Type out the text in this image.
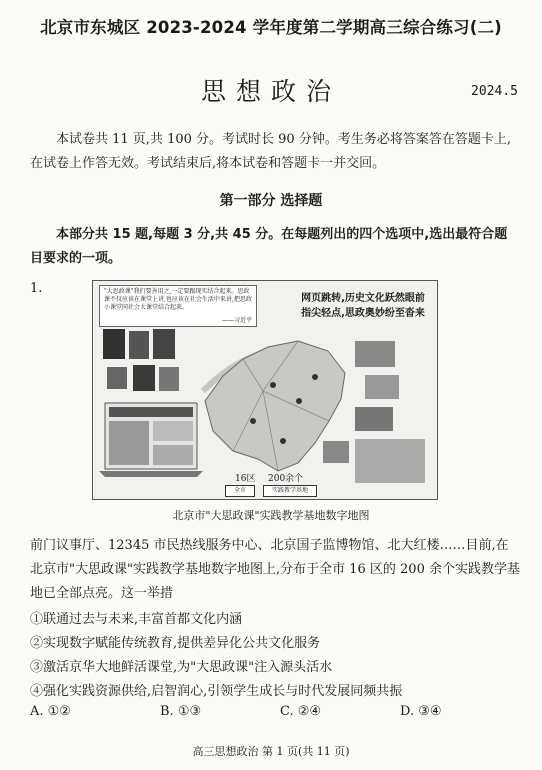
北京市东城区 2023-2024 学年度第二学期高三综合练习(二)
思想政治	2024.5
本试卷共 11 页,共 100 分。考试时长 90 分钟。考生务必将答案答在答题卡上,在试卷上作答无效。考试结束后,将本试卷和答题卡一并交回。
第一部分 选择题
本部分共 15 题,每题 3 分,共 45 分。在每题列出的四个选项中,选出最符合题目要求的一项。
1.	"大思政课"我们要善用之,一定要跟现实结合起来。思政课不仅应该在课堂上讲,也应该在社会生活中来讲,把思政小课堂同社会大课堂结合起来。
——习近平
网页跳转,历史文化跃然眼前
指尖轻点,思政奥妙纷至沓来
16区 200余个
全市	实践教学基地
北京市"大思政课"实践教学基地数字地图
前门议事厅、12345 市民热线服务中心、北京国子监博物馆、北大红楼……目前,在北京市"大思政课"实践教学基地数字地图上,分布于全市 16 区的 200 余个实践教学基地已全部点亮。这一举措
①联通过去与未来,丰富首都文化内涵
②实现数字赋能传统教育,提供差异化公共文化服务
③激活京华大地鲜活课堂,为"大思政课"注入源头活水
④强化实践资源供给,启智润心,引领学生成长与时代发展同频共振
A. ①②	B. ①③	C. ②④	D. ③④
高三思想政治 第 1 页(共 11 页)
